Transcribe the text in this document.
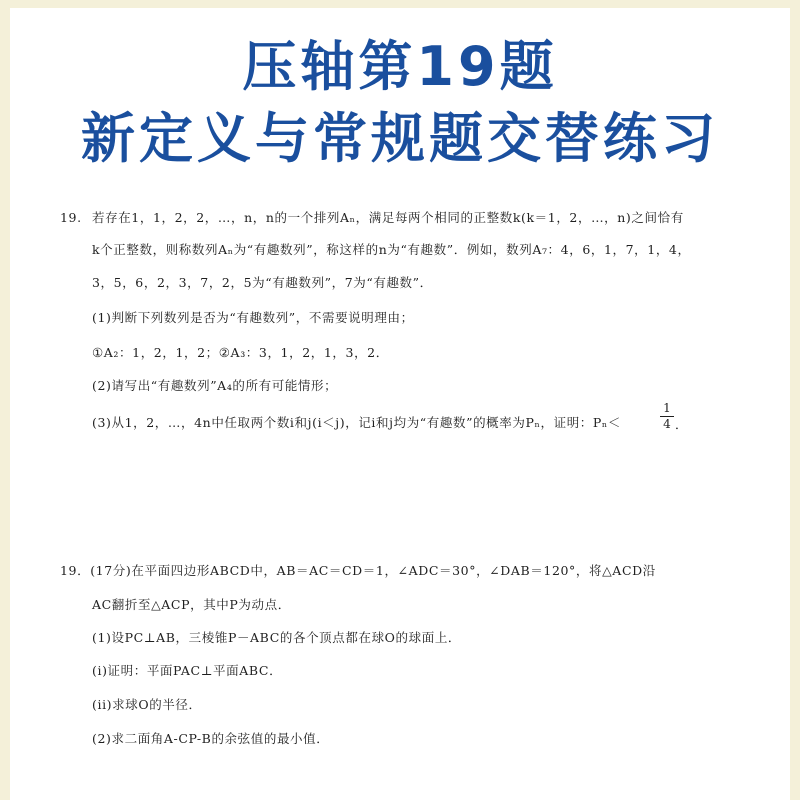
压轴第19题
新定义与常规题交替练习
19. 若存在1，1，2，2，…，n，n的一个排列Aₙ，满足每两个相同的正整数k(k＝1，2，…，n)之间恰有
k个正整数，则称数列Aₙ为“有趣数列”，称这样的n为“有趣数”．例如，数列A₇：4，6，1，7，1，4，
3，5，6，2，3，7，2，5为“有趣数列”，7为“有趣数”．
(1)判断下列数列是否为“有趣数列”，不需要说明理由；
①A₂：1，2，1，2；②A₃：3，1，2，1，3，2．
(2)请写出“有趣数列”A₄的所有可能情形；
(3)从1，2，…，4n中任取两个数i和j(i＜j)，记i和j均为“有趣数”的概率为Pₙ，证明：Pₙ＜
1
4 ．
19．(17分)在平面四边形ABCD中，AB＝AC＝CD＝1，∠ADC＝30°，∠DAB＝120°，将△ACD沿
AC翻折至△ACP，其中P为动点．
(1)设PC⊥AB，三棱锥P－ABC的各个顶点都在球O的球面上．
(i)证明：平面PAC⊥平面ABC．
(ii)求球O的半径．
(2)求二面角A-CP-B的余弦值的最小值．
